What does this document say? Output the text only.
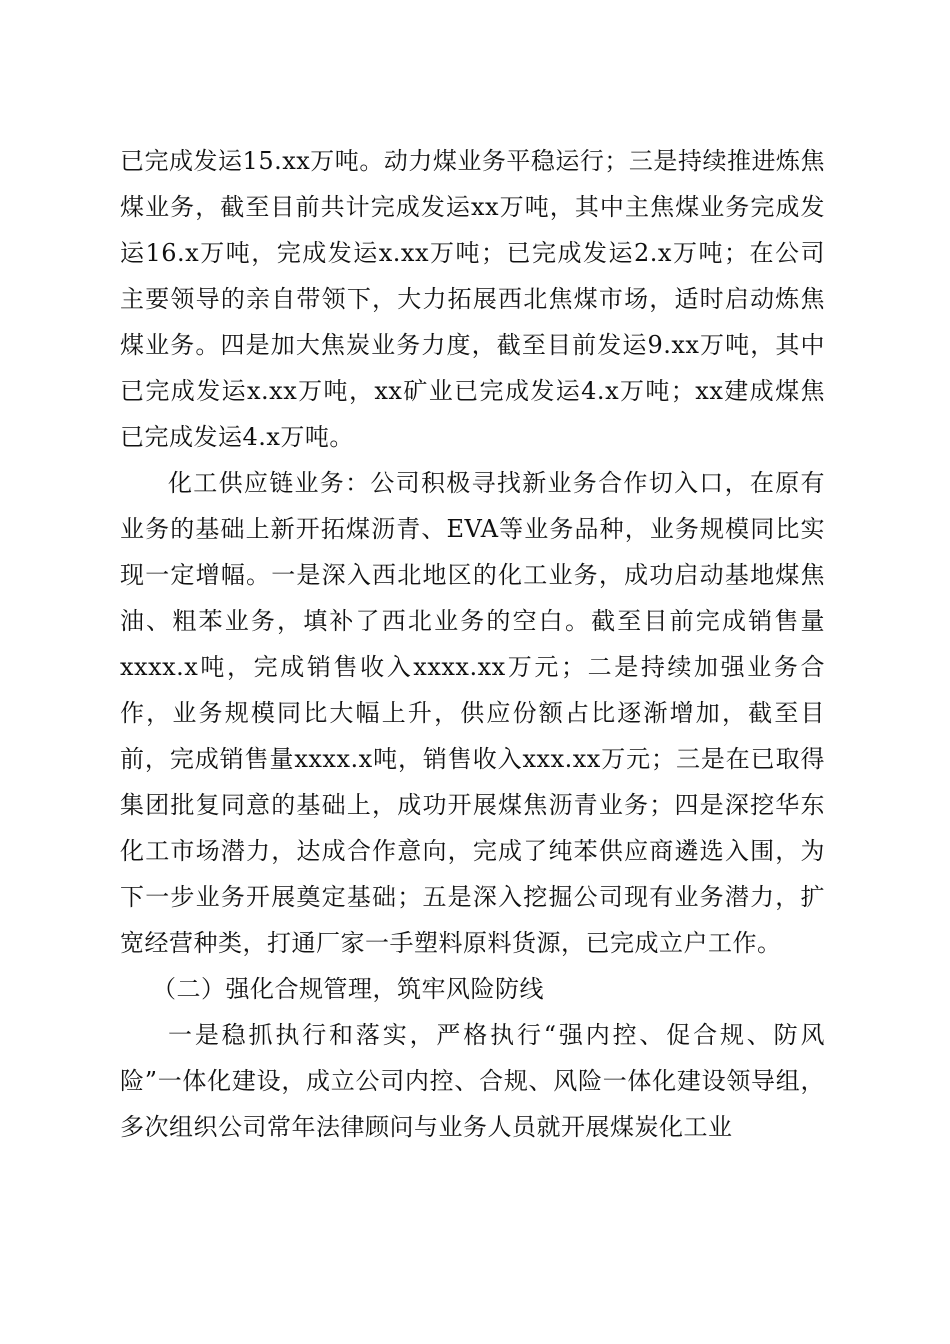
已完成发运15.xx万吨。动力煤业务平稳运行；三是持续推进炼焦煤业务，截至目前共计完成发运xx万吨，其中主焦煤业务完成发运16.x万吨，完成发运x.xx万吨；已完成发运2.x万吨；在公司主要领导的亲自带领下，大力拓展西北焦煤市场，适时启动炼焦煤业务。四是加大焦炭业务力度，截至目前发运9.xx万吨，其中已完成发运x.xx万吨，xx矿业已完成发运4.x万吨；xx建成煤焦已完成发运4.x万吨。

化工供应链业务：公司积极寻找新业务合作切入口，在原有业务的基础上新开拓煤沥青、EVA等业务品种，业务规模同比实现一定增幅。一是深入西北地区的化工业务，成功启动基地煤焦油、粗苯业务，填补了西北业务的空白。截至目前完成销售量xxxx.x吨，完成销售收入xxxx.xx万元；二是持续加强业务合作，业务规模同比大幅上升，供应份额占比逐渐增加，截至目前，完成销售量xxxx.x吨，销售收入xxx.xx万元；三是在已取得集团批复同意的基础上，成功开展煤焦沥青业务；四是深挖华东化工市场潜力，达成合作意向，完成了纯苯供应商遴选入围，为下一步业务开展奠定基础；五是深入挖掘公司现有业务潜力，扩宽经营种类，打通厂家一手塑料原料货源，已完成立户工作。

（二）强化合规管理，筑牢风险防线

一是稳抓执行和落实，严格执行“强内控、促合规、防风险”一体化建设，成立公司内控、合规、风险一体化建设领导组，多次组织公司常年法律顾问与业务人员就开展煤炭化工业
